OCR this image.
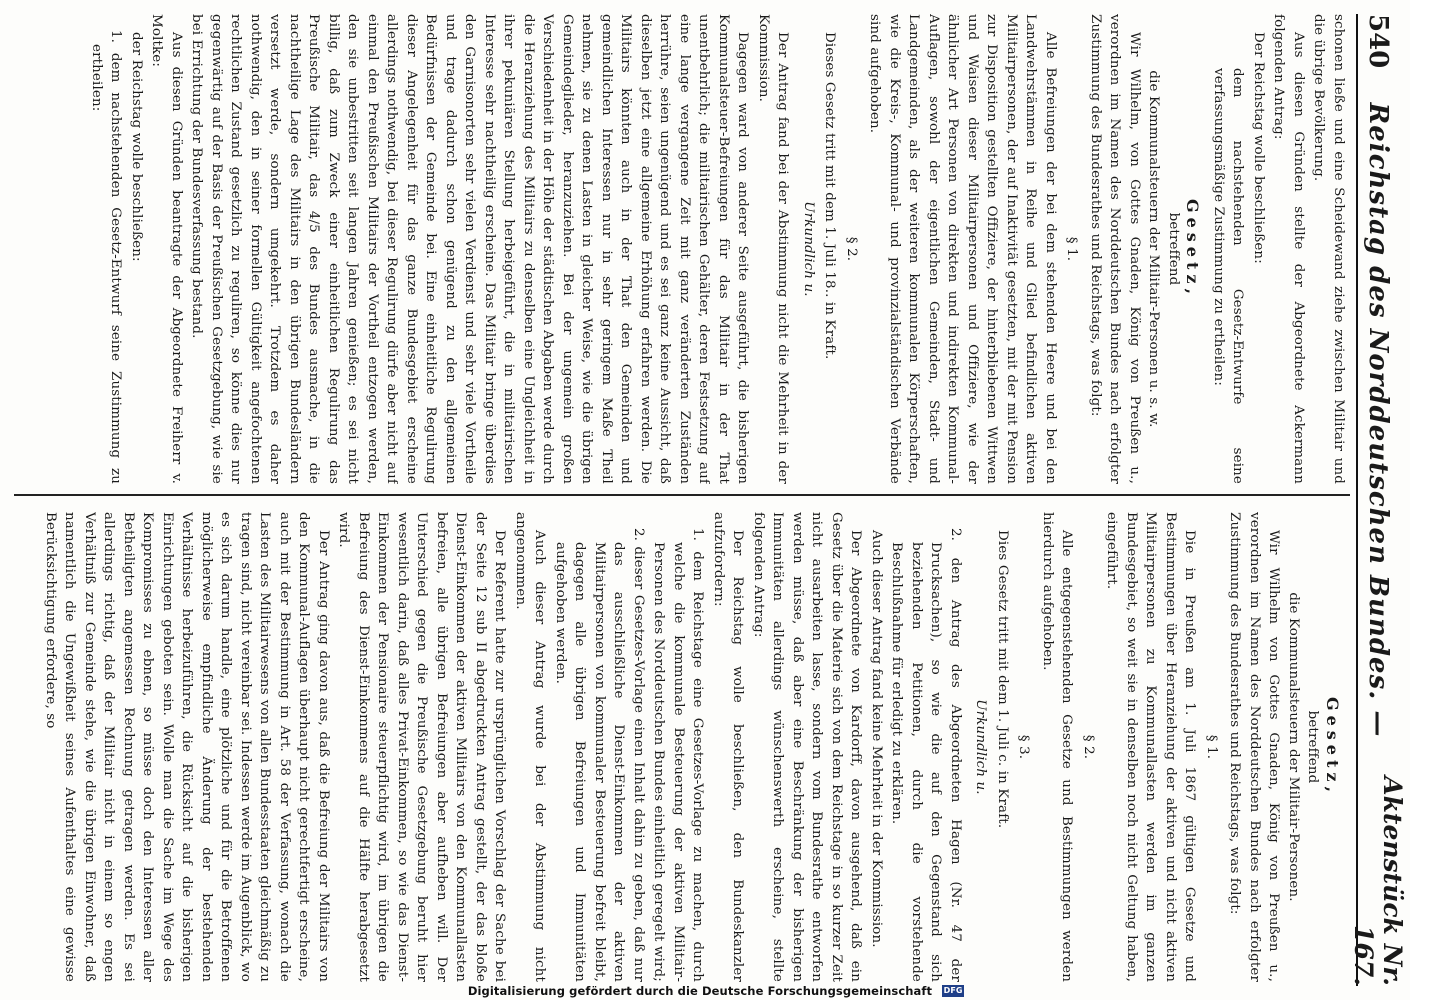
540
Reichstag des Norddeutschen Bundes. —
Aktenstück Nr. 167.

schonen ließe und eine Scheidewand ziehe zwischen Militair und die übrige Bevölkerung.

Aus diesen Gründen stellte der Abgeordnete Ackermann folgenden Antrag:

Der Reichstag wolle beschließen:

dem nachstehenden Gesetz-Entwurfe seine verfassungsmäßige Zustimmung zu ertheilen:

Gesetz,

betreffend

die Kommunalsteuern der Militair-Personen u. s. w.

Wir Wilhelm, von Gottes Gnaden, König von Preußen u., verordnen im Namen des Norddeutschen Bundes nach erfolgter Zustimmung des Bundesrathes und Reichstags, was folgt:

§ 1.

Alle Befreiungen der bei dem stehenden Heere und bei den Landwehrstämmen in Reihe und Glied befindlichen aktiven Militairpersonen, der auf Inaktivität gesetzten, mit der mit Pension zur Disposition gestellten Offiziere, der hinterbliebenen Wittwen und Waisen dieser Militairpersonen und Offiziere, wie der ähnlicher Art Personen von direkten und indirekten Kommunal-Auflagen, sowohl der eigentlichen Gemeinden, Stadt- und Landgemeinden, als der weiteren kommunalen Körperschaften, wie die Kreis-, Kommunal- und provinzialständischen Verbände sind aufgehoben.

§ 2.

Dieses Gesetz tritt mit dem 1. Juli 18.. in Kraft.

Urkundlich u.

Der Antrag fand bei der Abstimmung nicht die Mehrheit in der Kommission.

Dagegen ward von anderer Seite ausgeführt, die bisherigen Kommunalsteuer-Befreiungen für das Militair in der That unentbehrlich; die militairischen Gehälter, deren Festsetzung auf eine lange vergangene Zeit mit ganz veränderten Zuständen herrühre, seien ungenügend und es sei ganz keine Aussicht, daß dieselben jetzt eine allgemeine Erhöhung erfahren werden. Die Militairs könnten auch in der That den Gemeinden und gemeindlichen Interessen nur in sehr geringem Maße Theil nehmen, sie zu denen Lasten in gleicher Weise, wie die übrigen Gemeindeglieder, heranzuziehen. Bei der ungemein großen Verschiedenheit in der Höhe der städtischen Abgaben werde durch die Heranziehung des Militairs zu denselben eine Ungleichheit in ihrer pekuniären Stellung herbeigeführt, die in militairischen Interesse sehr nachtheilig erscheine. Das Militair bringe überdies den Garnisonorten sehr vielen Verdienst und sehr viele Vortheile und trage dadurch schon genügend zu den allgemeinen Bedürfnissen der Gemeinde bei. Eine einheitliche Regulirung dieser Angelegenheit für das ganze Bundesgebiet erscheine allerdings nothwendig, bei dieser Regulirung dürfe aber nicht auf einmal den Preußischen Militairs der Vortheil entzogen werden, den sie unbestritten seit langen Jahren genießen; es sei nicht billig, daß zum Zweck einer einheitlichen Regulirung das Preußische Militair, das 4/5 des Bundes ausmache, in die nachtheilige Lage des Militairs in den übrigen Bundesländern versetzt werde, sondern umgekehrt. Trotzdem es daher nothwendig, den in seiner formellen Gültigkeit angefochtenen rechtlichen Zustand gesetzlich zu reguliren, so könne dies nur gegenwärtig auf der Basis der Preußischen Gesetzgebung, wie sie bei Errichtung der Bundesverfassung bestand.

Aus diesen Gründen beantragte der Abgeordnete Freiherr v. Moltke:

der Reichstag wolle beschließen:

1. dem nachstehenden Gesetz-Entwurf seine Zustimmung zu ertheilen:

Gesetz,

betreffend

die Kommunalsteuern der Militair-Personen.

Wir Wilhelm von Gottes Gnaden, König von Preußen u., verordnen im Namen des Norddeutschen Bundes nach erfolgter Zustimmung des Bundesrathes und Reichstags, was folgt:

§ 1.

Die in Preußen am 1. Juli 1867 gültigen Gesetze und Bestimmungen über Heranziehung der aktiven und nicht aktiven Militairpersonen zu Kommunallasten werden im ganzen Bundesgebiet, so weit sie in denselben noch nicht Geltung haben, eingeführt.

§ 2.

Alle entgegenstehenden Gesetze und Bestimmungen werden hierdurch aufgehoben.

§ 3.

Dies Gesetz tritt mit dem 1. Juli c. in Kraft.

Urkundlich u.

2. den Antrag des Abgeordneten Hagen (Nr. 47 der Drucksachen), so wie die auf den Gegenstand sich beziehenden Petitionen, durch die vorstehende Beschlußnahme für erledigt zu erklären.

Auch dieser Antrag fand keine Mehrheit in der Kommission.

Der Abgeordnete von Kardorff, davon ausgehend, daß ein Gesetz über die Materie sich von dem Reichstage in so kurzer Zeit nicht ausarbeiten lasse, sondern vom Bundesrathe entworfen werden müsse, daß aber eine Beschränkung der bisherigen Immunitäten allerdings wünschenswerth erscheine, stellte folgenden Antrag:

Der Reichstag wolle beschließen, den Bundeskanzler aufzufordern:

1. dem Reichstage eine Gesetzes-Vorlage zu machen, durch welche die kommunale Besteuerung der aktiven Militair-Personen des Norddeutschen Bundes einheitlich geregelt wird;

2. dieser Gesetzes-Vorlage einen Inhalt dahin zu geben, daß nur das ausschließliche Dienst-Einkommen der aktiven Militairpersonen von kommunaler Besteuerung befreit bleibt, dagegen alle übrigen Befreiungen und Immunitäten aufgehoben werden.

Auch dieser Antrag wurde bei der Abstimmung nicht angenommen.

Der Referent hatte zur ursprünglichen Vorschlag der Sache bei der Seite 12 sub II abgedruckten Antrag gestellt, der das bloße Dienst-Einkommen der aktiven Militairs von den Kommunallasten befreien, alle übrigen Befreiungen aber aufheben will. Der Unterschied gegen die Preußische Gesetzgebung beruht hier wesentlich darin, daß alles Privat-Einkommen, so wie das Dienst-Einkommen der Pensionaire steuerpflichtig wird, im übrigen die Befreiung des Dienst-Einkommens auf die Hälfte herabgesetzt wird.

Der Antrag ging davon aus, daß die Befreiung der Militairs von den Kommunal-Auflagen überhaupt nicht gerechtfertigt erscheine, auch mit der Bestimmung in Art. 58 der Verfassung, wonach die Lasten des Militairwesens von allen Bundesstaaten gleichmäßig zu tragen sind, nicht vereinbar sei. Indessen werde im Augenblick, wo es sich darum handle, eine plötzliche und für die Betroffenen möglicherweise empfindliche Änderung der bestehenden Verhältnisse herbeizuführen, die Rücksicht auf die bisherigen Einrichtungen geboten sein. Wolle man die Sache im Wege des Kompromisses zu ebnen, so müsse doch den Interessen aller Betheiligten angemessen Rechnung getragen werden. Es sei allerdings richtig, daß der Militair nicht in einem so engen Verhältniß zur Gemeinde stehe, wie die übrigen Einwohner, daß namentlich die Ungewißheit seines Aufenthaltes eine gewisse Berücksichtigung erfordere, so

Digitalisierung gefördert durch die Deutsche Forschungsgemeinschaft DFG
